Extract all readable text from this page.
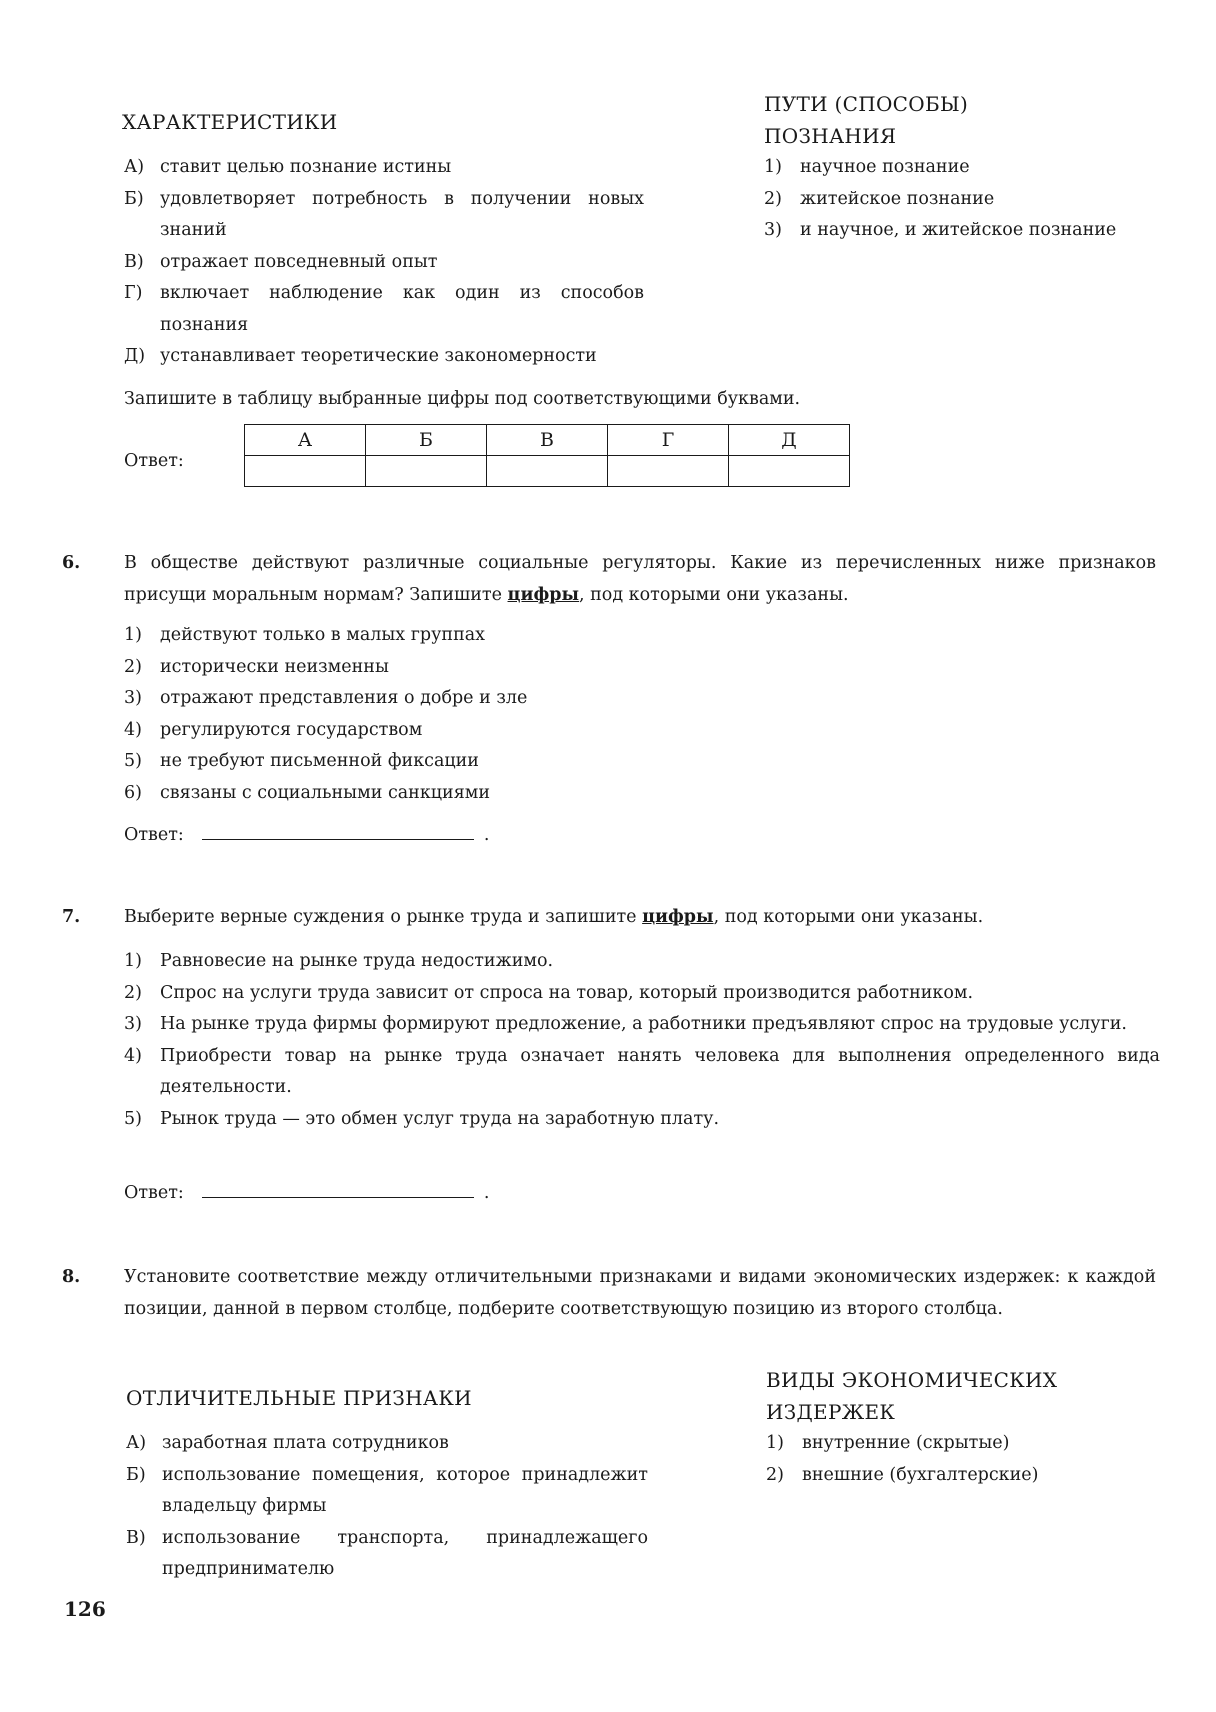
ХАРАКТЕРИСТИКИ
ПУТИ (СПОСОБЫ)
ПОЗНАНИЯ
А) ставит целью познание истины
Б) удовлетворяет потребность в получении новых знаний
В) отражает повседневный опыт
Г) включает наблюдение как один из способов познания
Д) устанавливает теоретические закономерности
1) научное познание
2) житейское познание
3) и научное, и житейское познание
Запишите в таблицу выбранные цифры под соответствующими буквами.
Ответ:
А	Б	В	Г	Д

6. В обществе действуют различные социальные регуляторы. Какие из перечисленных ниже признаков присущи моральным нормам? Запишите цифры, под которыми они указаны.
1) действуют только в малых группах
2) исторически неизменны
3) отражают представления о добре и зле
4) регулируются государством
5) не требуют письменной фиксации
6) связаны с социальными санкциями
Ответ:	.
7. Выберите верные суждения о рынке труда и запишите цифры, под которыми они указаны.
1) Равновесие на рынке труда недостижимо.
2) Спрос на услуги труда зависит от спроса на товар, который производится работником.
3) На рынке труда фирмы формируют предложение, а работники предъявляют спрос на трудовые услуги.
4) Приобрести товар на рынке труда означает нанять человека для выполнения определенного вида деятельности.
5) Рынок труда — это обмен услуг труда на заработную плату.
Ответ:	.
8. Установите соответствие между отличительными признаками и видами экономических издержек: к каждой позиции, данной в первом столбце, подберите соответствующую позицию из второго столбца.
ОТЛИЧИТЕЛЬНЫЕ ПРИЗНАКИ
ВИДЫ ЭКОНОМИЧЕСКИХ
ИЗДЕРЖЕК
А) заработная плата сотрудников
Б) использование помещения, которое принадлежит владельцу фирмы
В) использование транспорта, принадлежащего предпринимателю
1) внутренние (скрытые)
2) внешние (бухгалтерские)
126
